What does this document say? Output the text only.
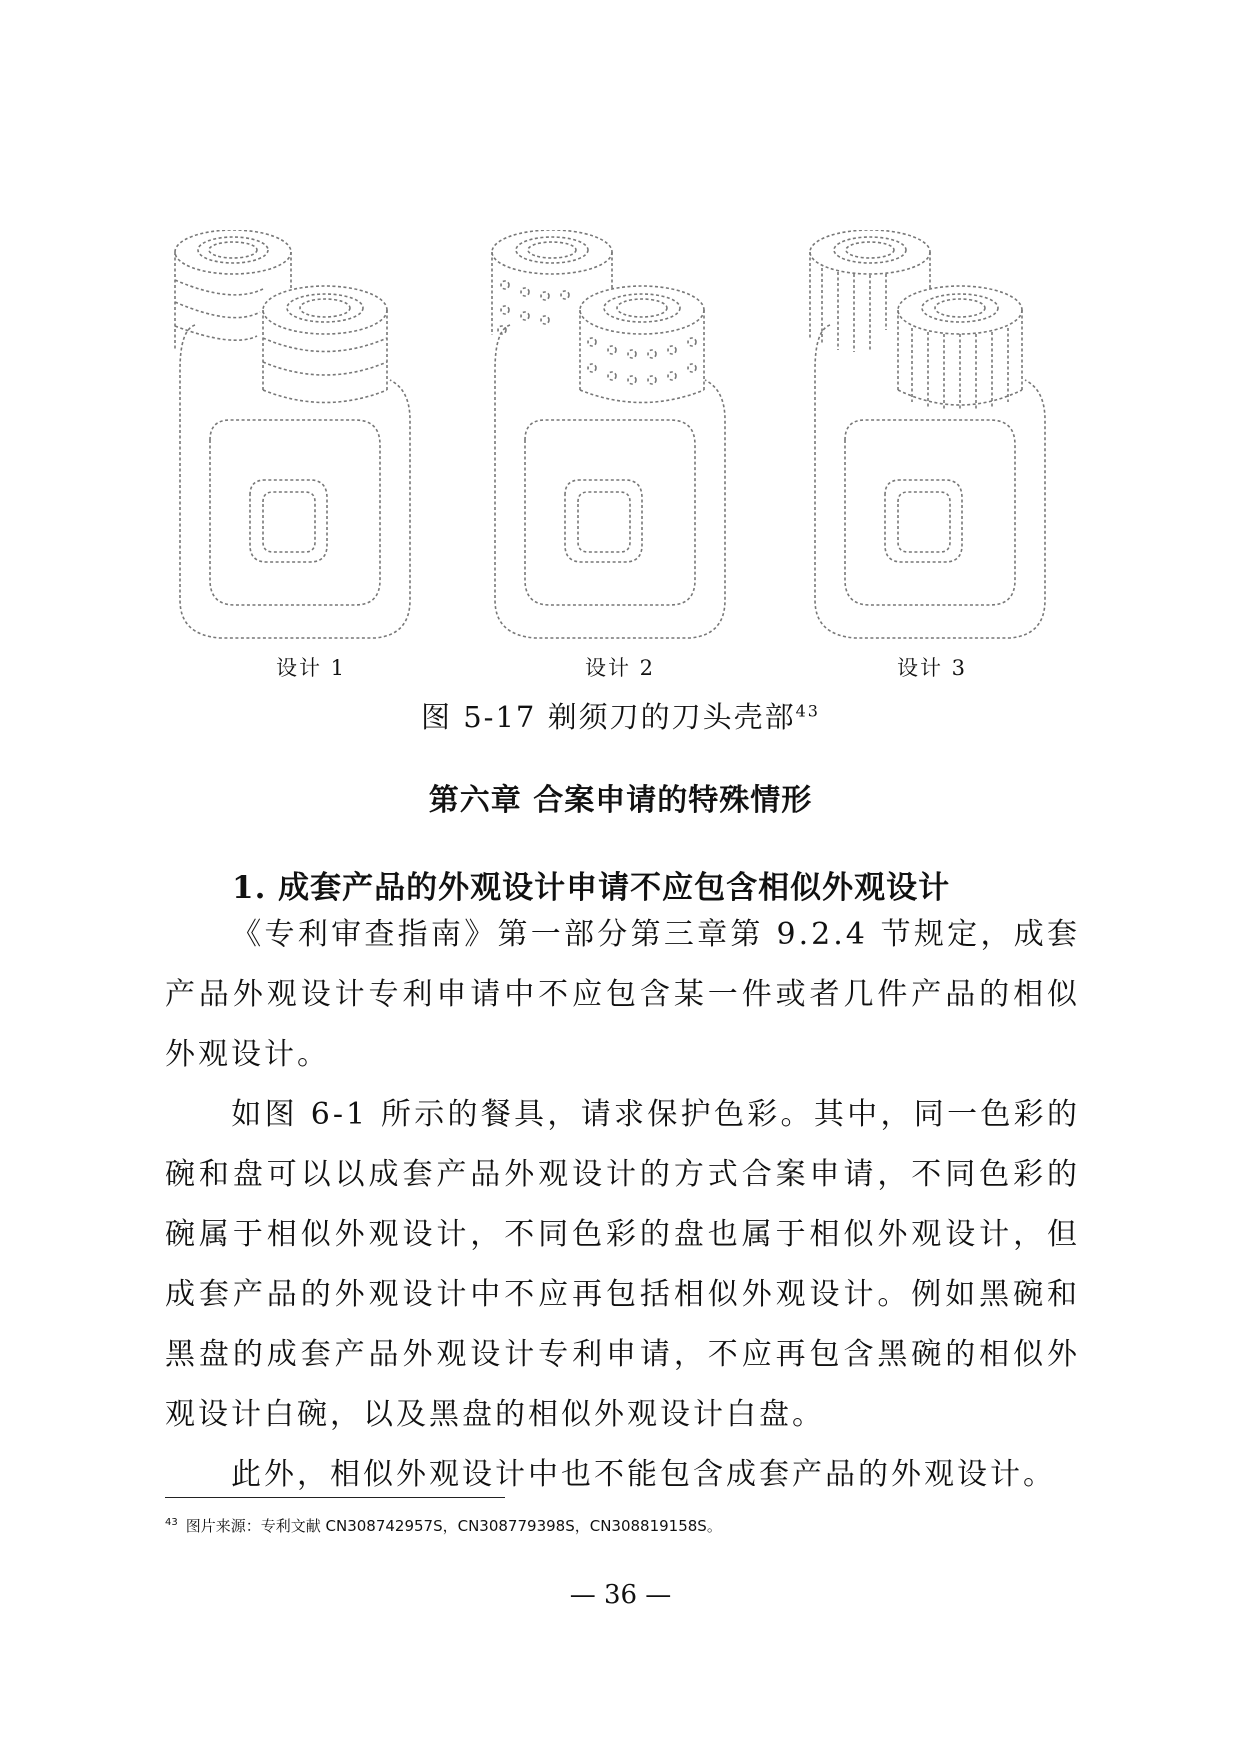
设计 1	设计 2	设计 3
图 5-17 剃须刀的刀头壳部$^{43}$
第六章 合案申请的特殊情形
1. 成套产品的外观设计申请不应包含相似外观设计
《专利审查指南》第一部分第三章第 9.2.4 节规定，成套产品外观设计专利申请中不应包含某一件或者几件产品的相似外观设计。
如图 6-1 所示的餐具，请求保护色彩。其中，同一色彩的碗和盘可以以成套产品外观设计的方式合案申请，不同色彩的碗属于相似外观设计，不同色彩的盘也属于相似外观设计，但成套产品的外观设计中不应再包括相似外观设计。例如黑碗和黑盘的成套产品外观设计专利申请，不应再包含黑碗的相似外观设计白碗，以及黑盘的相似外观设计白盘。
此外，相似外观设计中也不能包含成套产品的外观设计。
$^{43}$ 图片来源：专利文献 CN308742957S，CN308779398S，CN308819158S。
— 36 —
